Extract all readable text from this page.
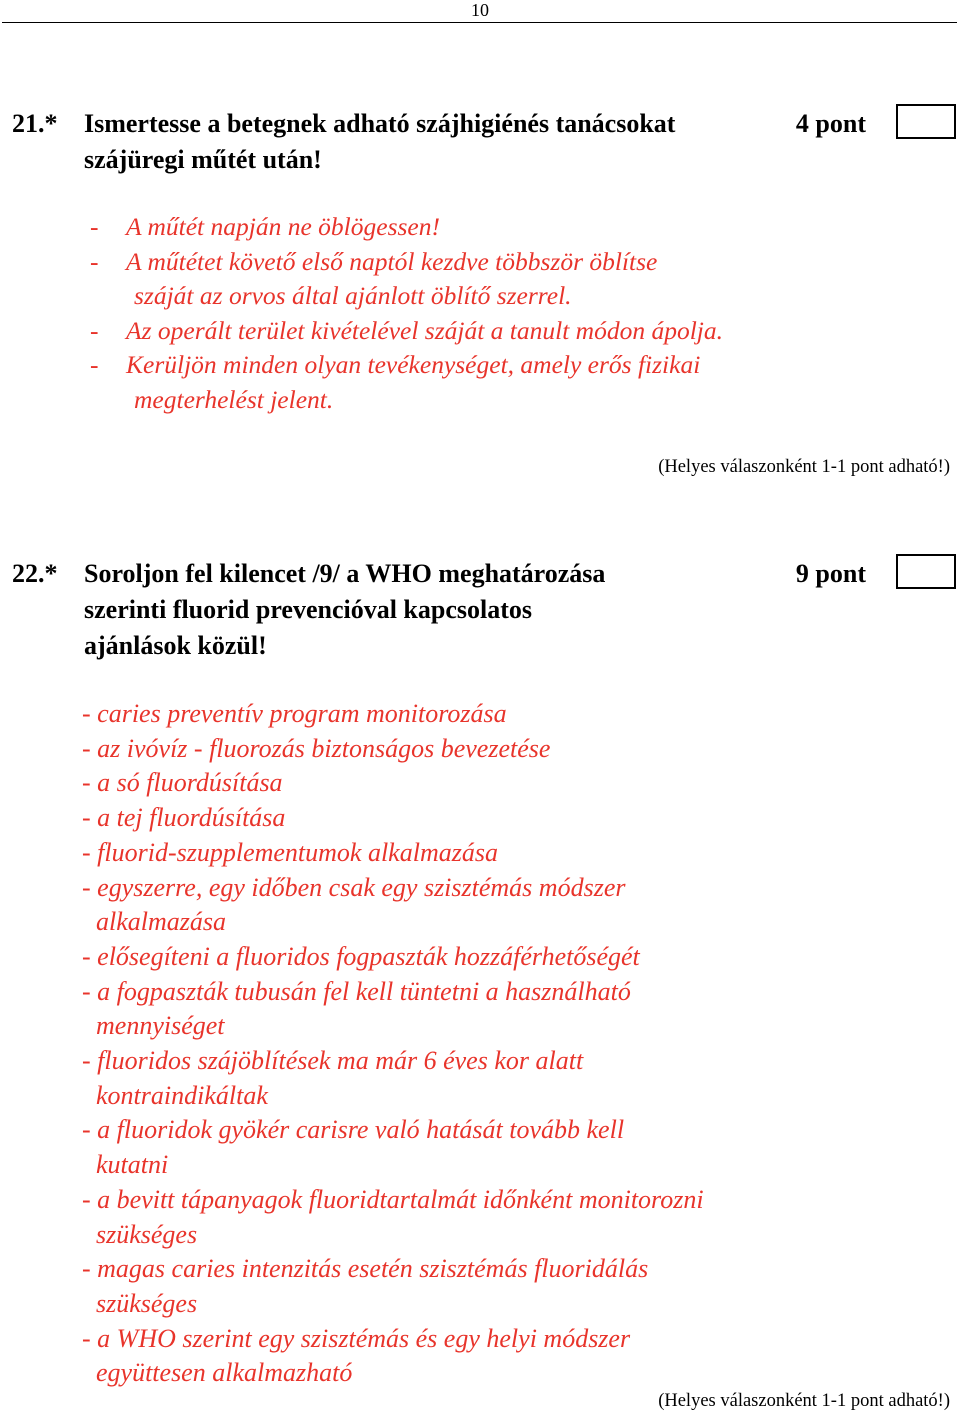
10
21.* Ismertesse a betegnek adható szájhigiénés tanácsokat
szájüregi műtét után!
4 pont
- A műtét napján ne öblögessen!
- A műtétet követő első naptól kezdve többször öblítse
száját az orvos által ajánlott öblítő szerrel.
- Az operált terület kivételével száját a tanult módon ápolja.
- Kerüljön minden olyan tevékenységet, amely erős fizikai
megterhelést jelent.
(Helyes válaszonként 1-1 pont adható!)
22.* Soroljon fel kilencet /9/ a WHO meghatározása
szerinti fluorid prevencióval kapcsolatos
ajánlások közül!
9 pont
- caries preventív program monitorozása
- az ivóvíz - fluorozás biztonságos bevezetése
- a só fluordúsítása
- a tej fluordúsítása
- fluorid-szupplementumok alkalmazása
- egyszerre, egy időben csak egy szisztémás módszer
alkalmazása
- elősegíteni a fluoridos fogpaszták hozzáférhetőségét
- a fogpaszták tubusán fel kell tüntetni a használható
mennyiséget
- fluoridos szájöblítések ma már 6 éves kor alatt
kontraindikáltak
- a fluoridok gyökér carisre való hatását tovább kell
kutatni
- a bevitt tápanyagok fluoridtartalmát időnként monitorozni
szükséges
- magas caries intenzitás esetén szisztémás fluoridálás
szükséges
- a WHO szerint egy szisztémás és egy helyi módszer
együttesen alkalmazható
(Helyes válaszonként 1-1 pont adható!)
